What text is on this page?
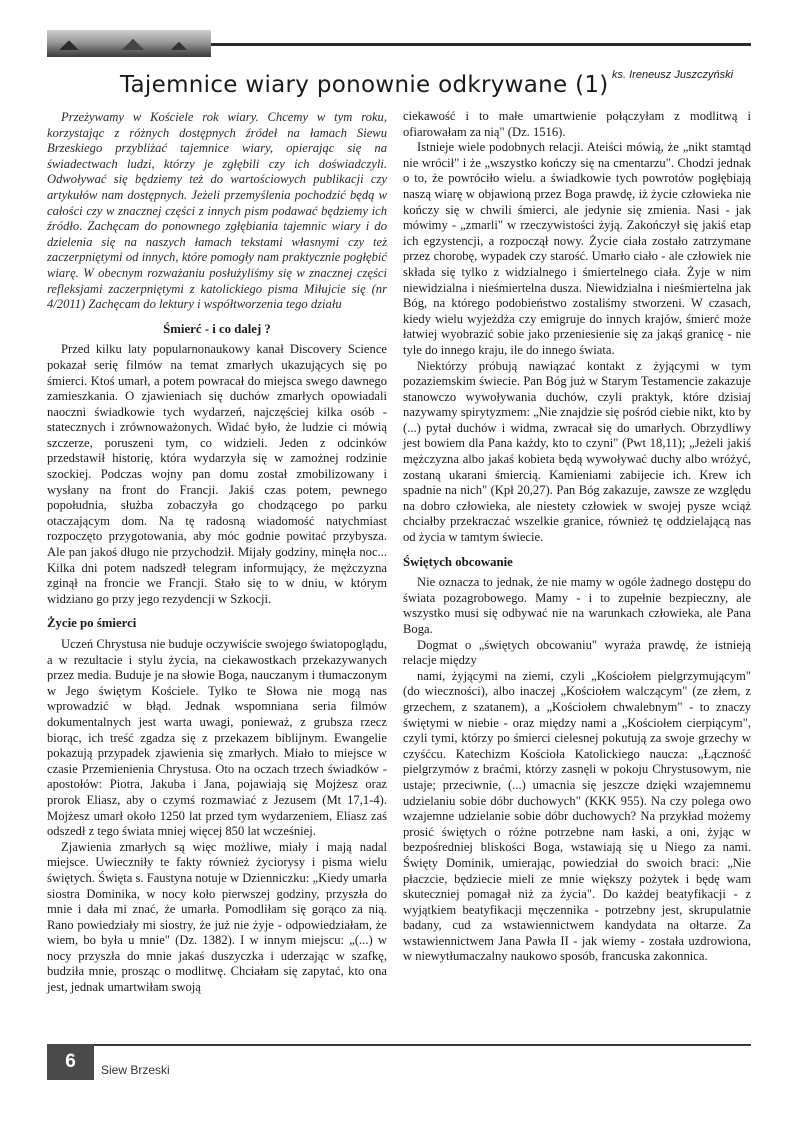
Tajemnice wiary ponownie odkrywane (1) ks. Ireneusz Juszczyński

Przeżywamy w Kościele rok wiary. Chcemy w tym roku, korzystając z różnych dostępnych źródeł na łamach Siewu Brzeskiego przybliżać tajemnice wiary, opierając się na świadectwach ludzi, którzy je zgłębili czy ich doświadczyli. Odwoływać się będziemy też do wartościowych publikacji czy artykułów nam dostępnych. Jeżeli przemyślenia pochodzić będą w całości czy w znacznej części z innych pism podawać będziemy ich źródło. Zachęcam do ponownego zgłębiania tajemnic wiary i do dzielenia się na naszych łamach tekstami własnymi czy też zaczerpniętymi od innych, które pomogły nam praktycznie pogłębić wiarę. W obecnym rozważaniu posłużyliśmy się w znacznej części refleksjami zaczerpniętymi z katolickiego pisma Miłujcie się (nr 4/2011) Zachęcam do lektury i współtworzenia tego działu

Śmierć - i co dalej ?

Przed kilku laty popularnonaukowy kanał Discovery Science pokazał serię filmów na temat zmarłych ukazujących się po śmierci. Ktoś umarł, a potem powracał do miejsca swego dawnego zamieszkania. O zjawieniach się duchów zmarłych opowiadali naoczni świadkowie tych wydarzeń, najczęściej kilka osób - statecznych i zrównoważonych. Widać było, że ludzie ci mówią szczerze, poruszeni tym, co widzieli. Jeden z odcinków przedstawił historię, która wydarzyła się w zamożnej rodzinie szockiej. Podczas wojny pan domu został zmobilizowany i wysłany na front do Francji. Jakiś czas potem, pewnego popołudnia, służba zobaczyła go chodzącego po parku otaczającym dom. Na tę radosną wiadomość natychmiast rozpoczęto przygotowania, aby móc godnie powitać przybysza. Ale pan jakoś długo nie przychodził. Mijały godziny, minęła noc... Kilka dni potem nadszedł telegram informujący, że mężczyzna zginął na froncie we Francji. Stało się to w dniu, w którym widziano go przy jego rezydencji w Szkocji.

Życie po śmierci

Uczeń Chrystusa nie buduje oczywiście swojego światopoglądu, a w rezultacie i stylu życia, na ciekawostkach przekazywanych przez media. Buduje je na słowie Boga, nauczanym i tłumaczonym w Jego świętym Kościele. Tylko te Słowa nie mogą nas wprowadzić w błąd. Jednak wspomniana seria filmów dokumentalnych jest warta uwagi, ponieważ, z grubsza rzecz biorąc, ich treść zgadza się z przekazem biblijnym. Ewangelie pokazują przypadek zjawienia się zmarłych. Miało to miejsce w czasie Przemienienia Chrystusa. Oto na oczach trzech świadków - apostołów: Piotra, Jakuba i Jana, pojawiają się Mojżesz oraz prorok Eliasz, aby o czymś rozmawiać z Jezusem (Mt 17,1-4). Mojżesz umarł około 1250 lat przed tym wydarzeniem, Eliasz zaś odszedł z tego świata mniej więcej 850 lat wcześniej.

Zjawienia zmarłych są więc możliwe, miały i mają nadal miejsce. Uwieczniły te fakty również życiorysy i pisma wielu świętych. Święta s. Faustyna notuje w Dzienniczku: „Kiedy umarła siostra Dominika, w nocy koło pierwszej godziny, przyszła do mnie i dała mi znać, że umarła. Pomodliłam się gorąco za nią. Rano powiedziały mi siostry, że już nie żyje - odpowiedziałam, że wiem, bo była u mnie" (Dz. 1382). I w innym miejscu: „(...) w nocy przyszła do mnie jakaś duszyczka i uderzając w szafkę, budziła mnie, prosząc o modlitwę. Chciałam się zapytać, kto ona jest, jednak umartwiłam swoją

ciekawość i to małe umartwienie połączyłam z modlitwą i ofiarowałam za nią" (Dz. 1516).

Istnieje wiele podobnych relacji. Ateiści mówią, że „nikt stamtąd nie wrócił" i że „wszystko kończy się na cmentarzu". Chodzi jednak o to, że powróciło wielu. a świadkowie tych powrotów pogłębiają naszą wiarę w objawioną przez Boga prawdę, iż życie człowieka nie kończy się w chwili śmierci, ale jedynie się zmienia. Nasi - jak mówimy - „zmarli" w rzeczywistości żyją. Zakończył się jakiś etap ich egzystencji, a rozpoczął nowy. Życie ciała zostało zatrzymane przez chorobę, wypadek czy starość. Umarło ciało - ale człowiek nie składa się tylko z widzialnego i śmiertelnego ciała. Żyje w nim niewidzialna i nieśmiertelna dusza. Niewidzialna i nieśmiertelna jak Bóg, na którego podobieństwo zostaliśmy stworzeni. W czasach, kiedy wielu wyjeżdża czy emigruje do innych krajów, śmierć może łatwiej wyobrazić sobie jako przeniesienie się za jakąś granicę - nie tyle do innego kraju, ile do innego świata.

Niektórzy próbują nawiązać kontakt z żyjącymi w tym pozaziemskim świecie. Pan Bóg już w Starym Testamencie zakazuje stanowczo wywoływania duchów, czyli praktyk, które dzisiaj nazywamy spirytyzmem: „Nie znajdzie się pośród ciebie nikt, kto by (...) pytał duchów i widma, zwracał się do umarłych. Obrzydliwy jest bowiem dla Pana każdy, kto to czyni" (Pwt 18,11); „Jeżeli jakiś mężczyzna albo jakaś kobieta będą wywoływać duchy albo wróżyć, zostaną ukarani śmiercią. Kamieniami zabijecie ich. Krew ich spadnie na nich" (Kpł 20,27). Pan Bóg zakazuje, zawsze ze względu na dobro człowieka, ale niestety człowiek w swojej pysze wciąż chciałby przekraczać wszelkie granice, również tę oddzielającą nas od życia w tamtym świecie.

Świętych obcowanie

Nie oznacza to jednak, że nie mamy w ogóle żadnego dostępu do świata pozagrobowego. Mamy - i to zupełnie bezpieczny, ale wszystko musi się odbywać nie na warunkach człowieka, ale Pana Boga.

Dogmat o „świętych obcowaniu" wyraża prawdę, że istnieją relacje między

nami, żyjącymi na ziemi, czyli „Kościołem pielgrzymującym" (do wieczności), albo inaczej „Kościołem walczącym" (ze złem, z grzechem, z szatanem), a „Kościołem chwalebnym" - to znaczy świętymi w niebie - oraz między nami a „Kościołem cierpiącym", czyli tymi, którzy po śmierci cielesnej pokutują za swoje grzechy w czyśćcu. Katechizm Kościoła Katolickiego naucza: „Łączność pielgrzymów z braćmi, którzy zasnęli w pokoju Chrystusowym, nie ustaje; przeciwnie, (...) umacnia się jeszcze dzięki wzajemnemu udzielaniu sobie dóbr duchowych" (KKK 955). Na czy polega owo wzajemne udzielanie sobie dóbr duchowych? Na przykład możemy prosić świętych o różne potrzebne nam łaski, a oni, żyjąc w bezpośredniej bliskości Boga, wstawiają się u Niego za nami. Święty Dominik, umierając, powiedział do swoich braci: „Nie płaczcie, będziecie mieli ze mnie większy pożytek i będę wam skuteczniej pomagał niż za życia". Do każdej beatyfikacji - z wyjątkiem beatyfikacji męczennika - potrzebny jest, skrupulatnie badany, cud za wstawiennictwem kandydata na ołtarze. Za wstawiennictwem Jana Pawła II - jak wiemy - została uzdrowiona, w niewytłumaczalny naukowo sposób, francuska zakonnica.

6	Siew Brzeski
